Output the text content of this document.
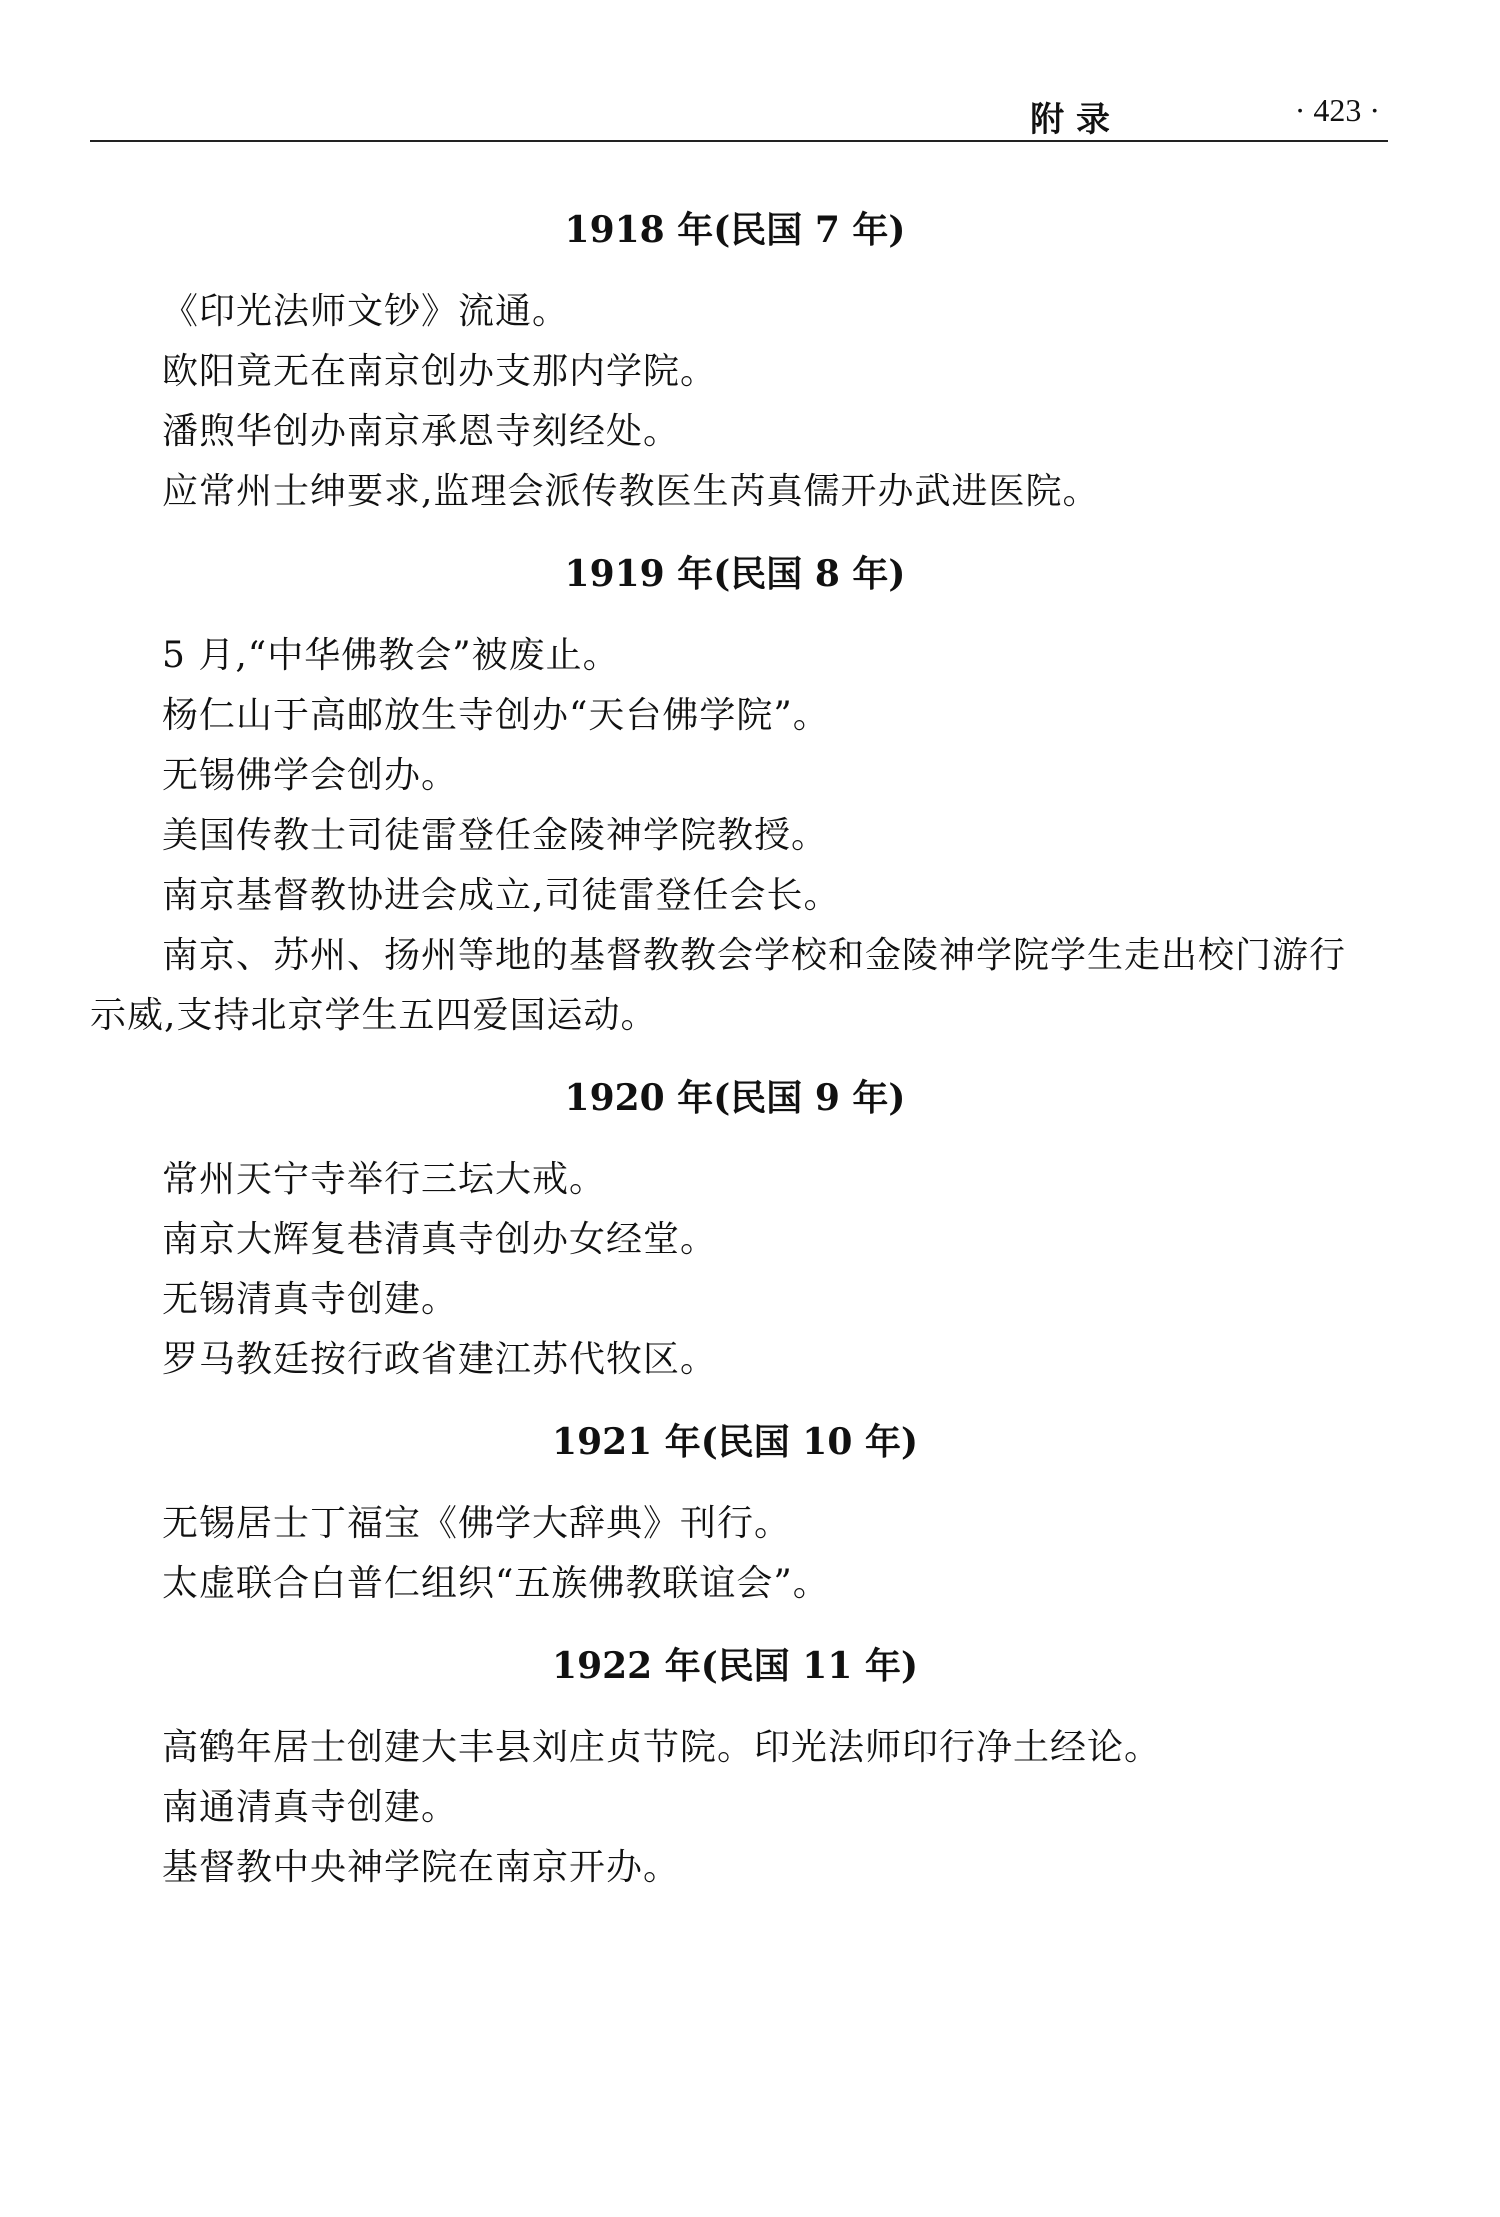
附 录	· 423 ·
1918 年(民国 7 年)

《印光法师文钞》流通。

欧阳竟无在南京创办支那内学院。

潘煦华创办南京承恩寺刻经处。

应常州士绅要求,监理会派传教医生芮真儒开办武进医院。

1919 年(民国 8 年)

5 月,“中华佛教会”被废止。

杨仁山于高邮放生寺创办“天台佛学院”。

无锡佛学会创办。

美国传教士司徒雷登任金陵神学院教授。

南京基督教协进会成立,司徒雷登任会长。

南京、苏州、扬州等地的基督教教会学校和金陵神学院学生走出校门游行示威,支持北京学生五四爱国运动。

1920 年(民国 9 年)

常州天宁寺举行三坛大戒。

南京大辉复巷清真寺创办女经堂。

无锡清真寺创建。

罗马教廷按行政省建江苏代牧区。

1921 年(民国 10 年)

无锡居士丁福宝《佛学大辞典》刊行。

太虚联合白普仁组织“五族佛教联谊会”。

1922 年(民国 11 年)

高鹤年居士创建大丰县刘庄贞节院。印光法师印行净土经论。

南通清真寺创建。

基督教中央神学院在南京开办。
